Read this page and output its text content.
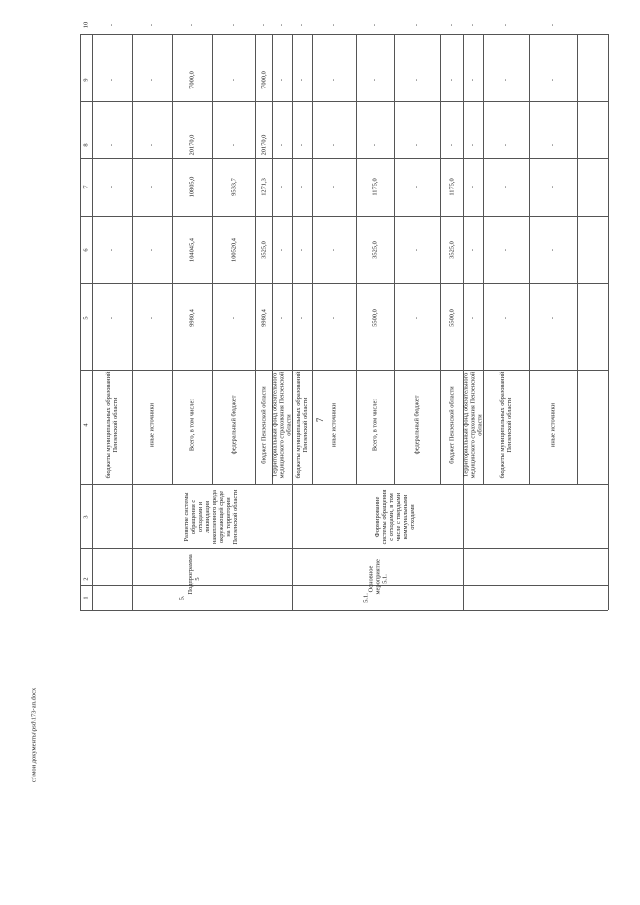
7
1
2
3
4
5
6
7
8
9
10
бюджеты муниципальных образований Пензенской области
-
-
-
-
-
-
иные источники
-
-
-
-
-
-
5.
Подпрограмма 5
Развитие системы обращения с отходами и ликвидация накопленного вреда окружающей среде на территории Пензенской области
Всего, в том числе:
9980,4
104045,4
10805,0
20170,0
7000,0
-
федеральный бюджет
-
100520,4
9533,7
-
-
-
бюджет Пензенской области
9980,4
3525,0
1271,3
20170,0
7000,0
-
Территориальный фонд обязательного медицинского страхования Пензенской области
-
-
-
-
-
-
бюджеты муниципальных образований Пензенской области
-
-
-
-
-
-
иные источники
-
-
-
-
-
-
5.1.
Основное мероприятие 5.1.
Формирование системы обращения с отходами, в том числе с твердыми коммунальными отходами
Всего, в том числе:
5500,0
3525,0
1175,0
-
-
-
федеральный бюджет
-
-
-
-
-
-
бюджет Пензенской области
5500,0
3525,0
1175,0
-
-
-
Территориальный фонд обязательного медицинского страхования Пензенской области
-
-
-
-
-
-
бюджеты муниципальных образований Пензенской области
-
-
-
-
-
-
иные источники
-
-
-
-
-
-
c:\мои документы\psd\173-ап.docx
